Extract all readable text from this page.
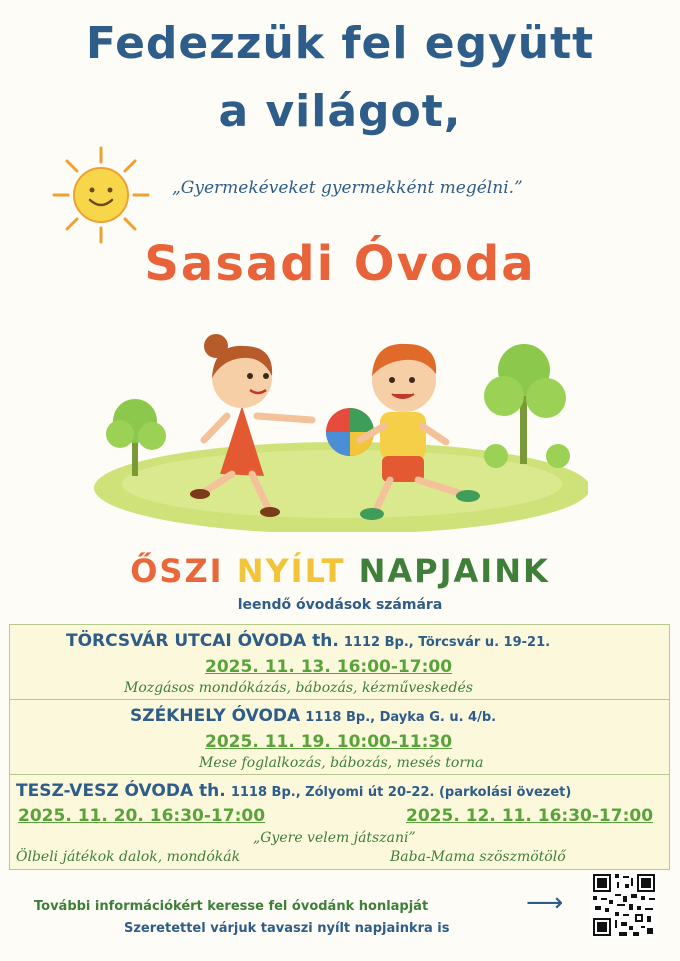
Fedezzük fel együtt
a világot,
„Gyermekéveket gyermekként megélni.”
Sasadi Óvoda
ŐSZI NYÍLT NAPJAINK
leendő óvodások számára
TÖRCSVÁR UTCAI ÓVODA th. 1112 Bp., Törcsvár u. 19-21.
2025. 11. 13. 16:00-17:00
Mozgásos mondókázás, bábozás, kézműveskedés
SZÉKHELY ÓVODA 1118 Bp., Dayka G. u. 4/b.
2025. 11. 19. 10:00-11:30
Mese foglalkozás, bábozás, mesés torna
TESZ-VESZ ÓVODA th. 1118 Bp., Zólyomi út 20-22. (parkolási övezet)
2025. 11. 20. 16:30-17:00	2025. 12. 11. 16:30-17:00
„Gyere velem játszani”
Ölbeli játékok dalok, mondókák	Baba-Mama szöszmötölő
További információkért keresse fel óvodánk honlapját	⟶
Szeretettel várjuk tavaszi nyílt napjainkra is
